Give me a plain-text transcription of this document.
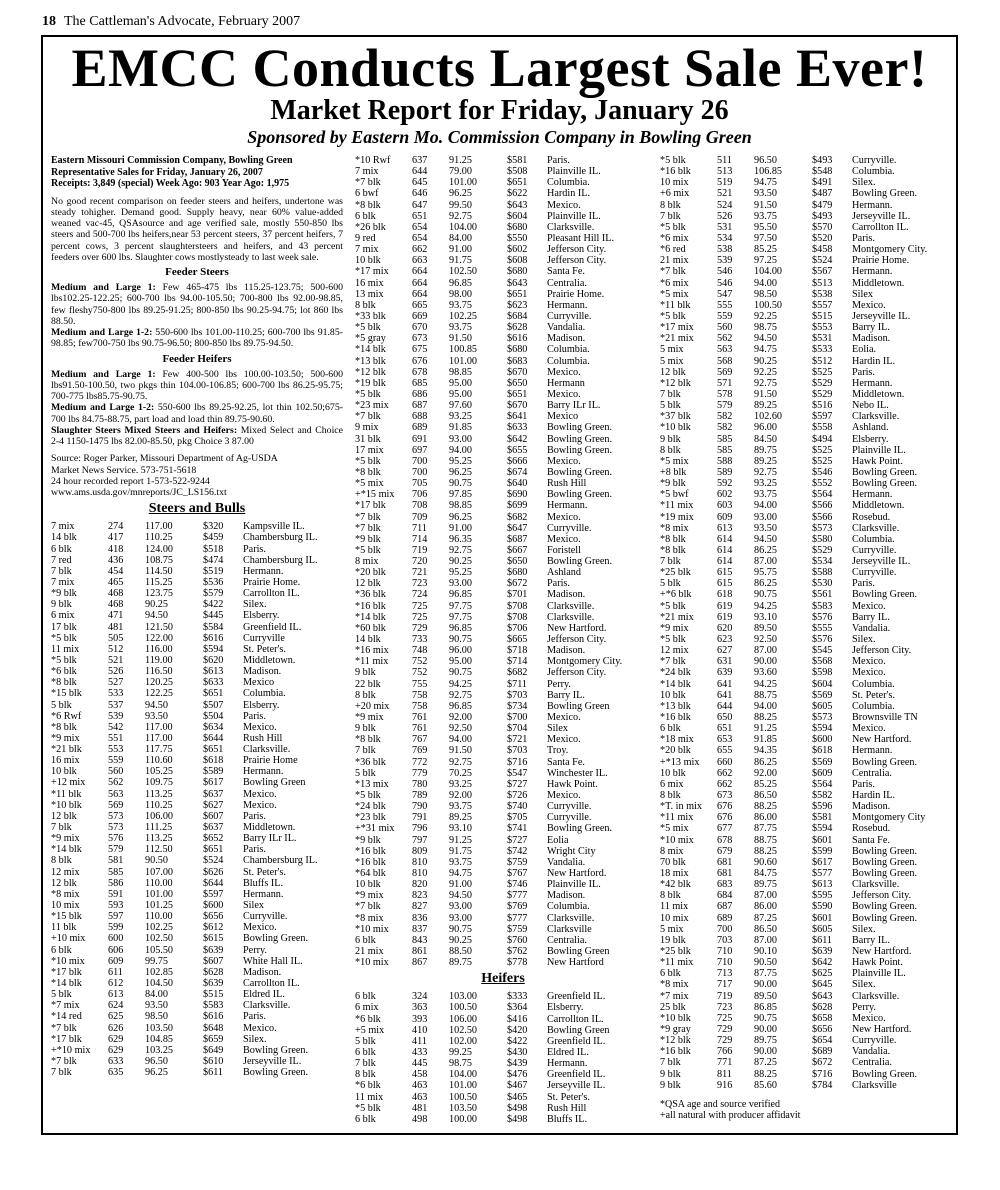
18 The Cattleman's Advocate, February 2007
EMCC Conducts Largest Sale Ever!
Market Report for Friday, January 26
Sponsored by Eastern Mo. Commission Company in Bowling Green
Eastern Missouri Commission Company, Bowling Green
Representative Sales for Friday, January 26, 2007
Receipts: 3,849 (special) Week Ago: 903 Year Ago: 1,975

No good recent comparison on feeder steers and heifers, undertone was steady tohigher. Demand good. Supply heavy, near 60% value-added weaned vac-45, QSAsource and age verified sale, mostly 550-850 lbs steers and 500-700 lbs heifers,near 53 percent steers, 37 percent heifers, 7 percent cows, 3 percent slaughtersteers and heifers, and 43 percent feeders over 600 lbs. Slaughter cows mostlysteady to last week sale.

Feeder Steers

Medium and Large 1: Few 465-475 lbs 115.25-123.75; 500-600 lbs102.25-122.25; 600-700 lbs 94.00-105.50; 700-800 lbs 92.00-98.85, few fleshy750-800 lbs 89.25-91.25; 800-850 lbs 90.25-94.75; lot 860 lbs 88.50.

Medium and Large 1-2: 550-600 lbs 101.00-110.25; 600-700 lbs 91.85-98.85; few700-750 lbs 90.75-96.50; 800-850 lbs 89.75-94.50.

Feeder Heifers

Medium and Large 1: Few 400-500 lbs 100.00-103.50; 500-600 lbs91.50-100.50, two pkgs thin 104.00-106.85; 600-700 lbs 86.25-95.75; 700-775 lbs85.75-90.75.

Medium and Large 1-2: 550-600 lbs 89.25-92.25, lot thin 102.50;675-700 lbs 84.75-88.75, part load and load thin 89.75-90.60.

Slaughter Steers Mixed Steers and Heifers: Mixed Select and Choice 2-4 1150-1475 lbs 82.00-85.50, pkg Choice 3 87.00

Source: Roger Parker, Missouri Department of Ag-USDA
Market News Service. 573-751-5618
24 hour recorded report 1-573-522-9244
www.ams.usda.gov/mnreports/JC_LS156.txt
Steers and Bulls
7 mix	274	117.00	$320	Kampsville IL.
14 blk	417	110.25	$459	Chambersburg IL.
6 blk	418	124.00	$518	Paris.
7 red	436	108.75	$474	Chambersburg IL.
7 blk	454	114.50	$519	Hermann.
7 mix	465	115.25	$536	Prairie Home.
*9 blk	468	123.75	$579	Carrollton IL.
9 blk	468	90.25	$422	Silex.
6 mix	471	94.50	$445	Elsberry.
17 blk	481	121.50	$584	Greenfield IL.
*5 blk	505	122.00	$616	Curryville
11 mix	512	116.00	$594	St. Peter's.
*5 blk	521	119.00	$620	Middletown.
*6 blk	526	116.50	$613	Madison.
*8 blk	527	120.25	$633	Mexico
*15 blk	533	122.25	$651	Columbia.
5 blk	537	94.50	$507	Elsberry.
*6 Rwf	539	93.50	$504	Paris.
*8 blk	542	117.00	$634	Mexico.
*9 mix	551	117.00	$644	Rush Hill
*21 blk	553	117.75	$651	Clarksville.
16 mix	559	110.60	$618	Prairie Home
10 blk	560	105.25	$589	Hermann.
+12 mix	562	109.75	$617	Bowling Green
*11 blk	563	113.25	$637	Mexico.
*10 blk	569	110.25	$627	Mexico.
12 blk	573	106.00	$607	Paris.
7 blk	573	111.25	$637	Middletown.
*9 mix	576	113.25	$652	Barry ILr IL.
*14 blk	579	112.50	$651	Paris.
8 blk	581	90.50	$524	Chambersburg IL.
12 mix	585	107.00	$626	St. Peter's.
12 blk	586	110.00	$644	Bluffs IL.
*8 mix	591	101.00	$597	Hermann.
10 mix	593	101.25	$600	Silex
*15 blk	597	110.00	$656	Curryville.
11 blk	599	102.25	$612	Mexico.
+10 mix	600	102.50	$615	Bowling Green.
6 blk	606	105.50	$639	Perry.
*10 mix	609	99.75	$607	White Hall IL.
*17 blk	611	102.85	$628	Madison.
*14 blk	612	104.50	$639	Carrollton IL.
5 blk	613	84.00	$515	Eldred IL.
*7 mix	624	93.50	$583	Clarksville.
*14 red	625	98.50	$616	Paris.
*7 blk	626	103.50	$648	Mexico.
*17 blk	629	104.85	$659	Silex.
+*10 mix	629	103.25	$649	Bowling Green.
*7 blk	633	96.50	$610	Jerseyville IL.
7 blk	635	96.25	$611	Bowling Green.
*10 Rwf	637	91.25	$581	Paris.
7 mix	644	79.00	$508	Plainville IL.
*7 blk	645	101.00	$651	Columbia.
6 bwf	646	96.25	$622	Hardin IL.
*8 blk	647	99.50	$643	Mexico.
6 blk	651	92.75	$604	Plainville IL.
*26 blk	654	104.00	$680	Clarksville.
9 red	654	84.00	$550	Pleasant Hill IL.
7 mix	662	91.00	$602	Jefferson City.
10 blk	663	91.75	$608	Jefferson City.
*17 mix	664	102.50	$680	Santa Fe.
16 mix	664	96.85	$643	Centralia.
13 mix	664	98.00	$651	Prairie Home.
8 blk	665	93.75	$623	Hermann.
*33 blk	669	102.25	$684	Curryville.
*5 blk	670	93.75	$628	Vandalia.
*5 gray	673	91.50	$616	Madison.
*14 blk	675	100.85	$680	Columbia.
*13 blk	676	101.00	$683	Columbia.
*12 blk	678	98.85	$670	Mexico.
*19 blk	685	95.00	$650	Hermann
*5 blk	686	95.00	$651	Mexico.
*23 mix	687	97.60	$670	Barry ILr IL.
*7 blk	688	93.25	$641	Mexico
9 mix	689	91.85	$633	Bowling Green.
31 blk	691	93.00	$642	Bowling Green.
17 mix	697	94.00	$655	Bowling Green.
*5 blk	700	95.25	$666	Mexico.
*8 blk	700	96.25	$674	Bowling Green.
*5 mix	705	90.75	$640	Rush Hill
+*15 mix	706	97.85	$690	Bowling Green.
*17 blk	708	98.85	$699	Hermann.
*7 blk	709	96.25	$682	Mexico.
*7 blk	711	91.00	$647	Curryville.
*9 blk	714	96.35	$687	Mexico.
*5 blk	719	92.75	$667	Foristell
8 mix	720	90.25	$650	Bowling Green.
*20 blk	721	95.25	$680	Ashland
12 blk	723	93.00	$672	Paris.
*36 blk	724	96.85	$701	Madison.
*16 blk	725	97.75	$708	Clarksville.
*14 blk	725	97.75	$708	Clarksville.
*60 blk	729	96.85	$706	New Hartford.
14 blk	733	90.75	$665	Jefferson City.
*16 mix	748	96.00	$718	Madison.
*11 mix	752	95.00	$714	Montgomery City.
9 blk	752	90.75	$682	Jefferson City.
22 blk	755	94.25	$711	Perry.
8 blk	758	92.75	$703	Barry IL.
+20 mix	758	96.85	$734	Bowling Green
*9 mix	761	92.00	$700	Mexico.
9 blk	761	92.50	$704	Silex
*8 blk	767	94.00	$721	Mexico.
7 blk	769	91.50	$703	Troy.
*36 blk	772	92.75	$716	Santa Fe.
5 blk	779	70.25	$547	Winchester IL.
*13 mix	780	93.25	$727	Hawk Point.
*5 blk	789	92.00	$726	Mexico.
*24 blk	790	93.75	$740	Curryville.
*23 blk	791	89.25	$705	Curryville.
+*31 mix	796	93.10	$741	Bowling Green.
*9 blk	797	91.25	$727	Eolia
*16 blk	809	91.75	$742	Wright City
*16 blk	810	93.75	$759	Vandalia.
*64 blk	810	94.75	$767	New Hartford.
10 blk	820	91.00	$746	Plainville IL.
*9 mix	823	94.50	$777	Madison.
*7 blk	827	93.00	$769	Columbia.
*8 mix	836	93.00	$777	Clarksville.
*10 mix	837	90.75	$759	Clarksville
6 blk	843	90.25	$760	Centralia.
21 mix	861	88.50	$762	Bowling Green
*10 mix	867	89.75	$778	New Hartford
Heifers
6 blk	324	103.00	$333	Greenfield IL.
6 mix	363	100.50	$364	Elsberry.
*6 blk	393	106.00	$416	Carrollton IL.
+5 mix	410	102.50	$420	Bowling Green
5 blk	411	102.00	$422	Greenfield IL.
6 blk	433	99.25	$430	Eldred IL.
7 blk	445	98.75	$439	Hermann.
8 blk	458	104.00	$476	Greenfield IL.
*6 blk	463	101.00	$467	Jerseyville IL.
11 mix	463	100.50	$465	St. Peter's.
*5 blk	481	103.50	$498	Rush Hill
6 blk	498	100.00	$498	Bluffs IL.
*5 blk	511	96.50	$493	Curryville.
*16 blk	513	106.85	$548	Columbia.
10 mix	519	94.75	$491	Silex.
+6 mix	521	93.50	$487	Bowling Green.
8 blk	524	91.50	$479	Hermann.
7 blk	526	93.75	$493	Jerseyville IL.
*5 blk	531	95.50	$570	Carrollton IL.
*6 mix	534	97.50	$520	Paris.
*6 red	538	85.25	$458	Montgomery City.
21 mix	539	97.25	$524	Prairie Home.
*7 blk	546	104.00	$567	Hermann.
*6 mix	546	94.00	$513	Middletown.
*5 mix	547	98.50	$538	Silex
*11 blk	555	100.50	$557	Mexico.
*5 blk	559	92.25	$515	Jerseyville IL.
*17 mix	560	98.75	$553	Barry IL.
*21 mix	562	94.50	$531	Madison.
5 mix	563	94.75	$533	Eolia.
5 mix	568	90.25	$512	Hardin IL.
12 blk	569	92.25	$525	Paris.
*12 blk	571	92.75	$529	Hermann.
7 blk	578	91.50	$529	Middletown.
5 blk	579	89.25	$516	Nebo IL.
*37 blk	582	102.60	$597	Clarksville.
*10 blk	582	96.00	$558	Ashland.
9 blk	585	84.50	$494	Elsberry.
8 blk	585	89.75	$525	Plainville IL.
*5 mix	588	89.25	$525	Hawk Point.
+8 blk	589	92.75	$546	Bowling Green.
*9 blk	592	93.25	$552	Bowling Green.
*5 bwf	602	93.75	$564	Hermann.
*11 mix	603	94.00	$566	Middletown.
*19 mix	609	93.00	$566	Rosebud.
*8 mix	613	93.50	$573	Clarksville.
*8 blk	614	94.50	$580	Columbia.
*8 blk	614	86.25	$529	Curryville.
7 blk	614	87.00	$534	Jerseyville IL.
*25 blk	615	95.75	$588	Curryville.
5 blk	615	86.25	$530	Paris.
+*6 blk	618	90.75	$561	Bowling Green.
*5 blk	619	94.25	$583	Mexico.
*21 mix	619	93.10	$576	Barry IL.
*9 mix	620	89.50	$555	Vandalia.
*5 blk	623	92.50	$576	Silex.
12 mix	627	87.00	$545	Jefferson City.
*7 blk	631	90.00	$568	Mexico.
*24 blk	639	93.60	$598	Mexico.
*14 blk	641	94.25	$604	Columbia.
10 blk	641	88.75	$569	St. Peter's.
*13 blk	644	94.00	$605	Columbia.
*16 blk	650	88.25	$573	Brownsville TN
6 blk	651	91.25	$594	Mexico.
*18 mix	653	91.85	$600	New Hartford.
*20 blk	655	94.35	$618	Hermann.
+*13 mix	660	86.25	$569	Bowling Green.
10 blk	662	92.00	$609	Centralia.
6 mix	662	85.25	$564	Paris.
8 blk	673	86.50	$582	Hardin IL.
*T. in mix	676	88.25	$596	Madison.
*11 mix	676	86.00	$581	Montgomery City
*5 mix	677	87.75	$594	Rosebud.
*10 mix	678	88.75	$601	Santa Fe.
8 mix	679	88.25	$599	Bowling Green.
70 blk	681	90.60	$617	Bowling Green.
18 mix	681	84.75	$577	Bowling Green.
*42 blk	683	89.75	$613	Clarksville.
8 blk	684	87.00	$595	Jefferson City.
11 mix	687	86.00	$590	Bowling Green.
10 mix	689	87.25	$601	Bowling Green.
5 mix	700	86.50	$605	Silex.
19 blk	703	87.00	$611	Barry IL.
*25 blk	710	90.10	$639	New Hartford.
*11 mix	710	90.50	$642	Hawk Point.
6 blk	713	87.75	$625	Plainville IL.
*8 mix	717	90.00	$645	Silex.
*7 mix	719	89.50	$643	Clarksville.
25 blk	723	86.85	$628	Perry.
*10 blk	725	90.75	$658	Mexico.
*9 gray	729	90.00	$656	New Hartford.
*12 blk	729	89.75	$654	Curryville.
*16 blk	766	90.00	$689	Vandalia.
7 blk	771	87.25	$672	Centralia.
9 blk	811	88.25	$716	Bowling Green.
9 blk	916	85.60	$784	Clarksville
*QSA age and source verified
+all natural with producer affidavit
